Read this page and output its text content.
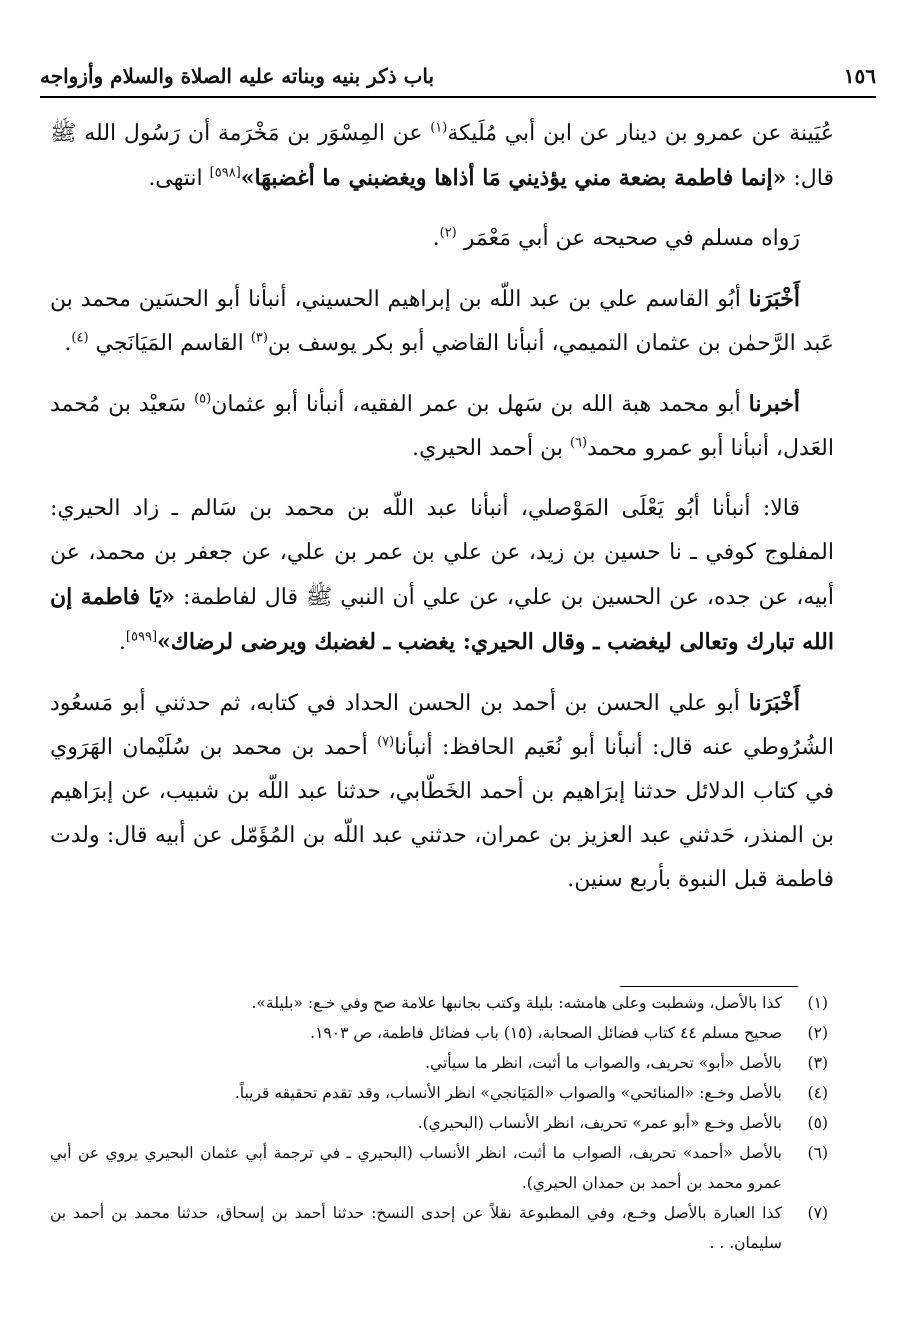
١٥٦
باب ذكر بنيه وبناته عليه الصلاة والسلام وأزواجه

عُيَينة عن عمرو بن دينار عن ابن أبي مُلَيكة$^{(١)}$ عن المِسْوَر بن مَخْرَمة أن رَسُول الله ﷺ قال: «إنما فاطمة بضعة مني يؤذيني مَا أذاها ويغضبني ما أغضبهَا»[٥٩٨] انتهى.

رَواه مسلم في صحيحه عن أبي مَعْمَر $^{(٢)}$.

أَخْبَرَنا أبُو القاسم علي بن عبد اللّه بن إبراهيم الحسيني، أنبأنا أبو الحسَين محمد بن عَبد الرَّحمٰن بن عثمان التميمي، أنبأنا القاضي أبو بكر يوسف بن$^{(٣)}$ القاسم المَيَانَجي $^{(٤)}$.

أخبرنا أبو محمد هبة الله بن سَهل بن عمر الفقيه، أنبأنا أبو عثمان$^{(٥)}$ سَعيْد بن مُحمد العَدل، أنبأنا أبو عمرو محمد$^{(٦)}$ بن أحمد الحيري.

قالا: أنبأنا أبُو يَعْلَى المَوْصلي، أنبأنا عبد اللّه بن محمد بن سَالم ـ زاد الحيري: المفلوج كوفي ـ نا حسين بن زيد، عن علي بن عمر بن علي، عن جعفر بن محمد، عن أبيه، عن جده، عن الحسين بن علي، عن علي أن النبي ﷺ قال لفاطمة: «يَا فاطمة إن الله تبارك وتعالى ليغضب ـ وقال الحيري: يغضب ـ لغضبك ويرضى لرضاك»[٥٩٩].

أَخْبَرَنا أبو علي الحسن بن أحمد بن الحسن الحداد في كتابه، ثم حدثني أبو مَسعُود الشُرُوطي عنه قال: أنبأنا أبو نُعَيم الحافظ: أنبأنا$^{(٧)}$ أحمد بن محمد بن سُلَيْمان الهَرَوي في كتاب الدلائل حدثنا إبرَاهيم بن أحمد الخَطّابي، حدثنا عبد اللّه بن شبيب، عن إبرَاهيم بن المنذر، حَدثني عبد العزيز بن عمران، حدثني عبد اللّه بن المُؤَمّل عن أبيه قال: ولدت فاطمة قبل النبوة بأربع سنين.

(١)
كذا بالأصل، وشطبت وعلى هامشه: بليلة وكتب بجانبها علامة صح وفي خـع: «بليلة».
(٢)
صحيح مسلم ٤٤ كتاب فضائل الصحابة، (١٥) باب فضائل فاطمة، ص ١٩٠٣.
(٣)
بالأصل «أبو» تحريف، والصواب ما أثبت، انظر ما سيأتي.
(٤)
بالأصل وخـع: «المنائحي» والصواب «المَيَانجي» انظر الأنساب، وقد تقدم تحقيقه قريباً.
(٥)
بالأصل وخـع «أبو عمر» تحريف، انظر الأنساب (البحيري).
(٦)
بالأصل «أحمد» تحريف، الصواب ما أثبت، انظر الأنساب (البحيري ـ في ترجمة أبي عثمان البحيري يروي عن أبي عمرو محمد بن أحمد بن حمدان الحيري).
(٧)
كذا العبارة بالأصل وخـع، وفي المطبوعة نقلاً عن إحدى النسخ: حدثنا أحمد بن إسحاق، حدثنا محمد بن أحمد بن سليمان. . .
